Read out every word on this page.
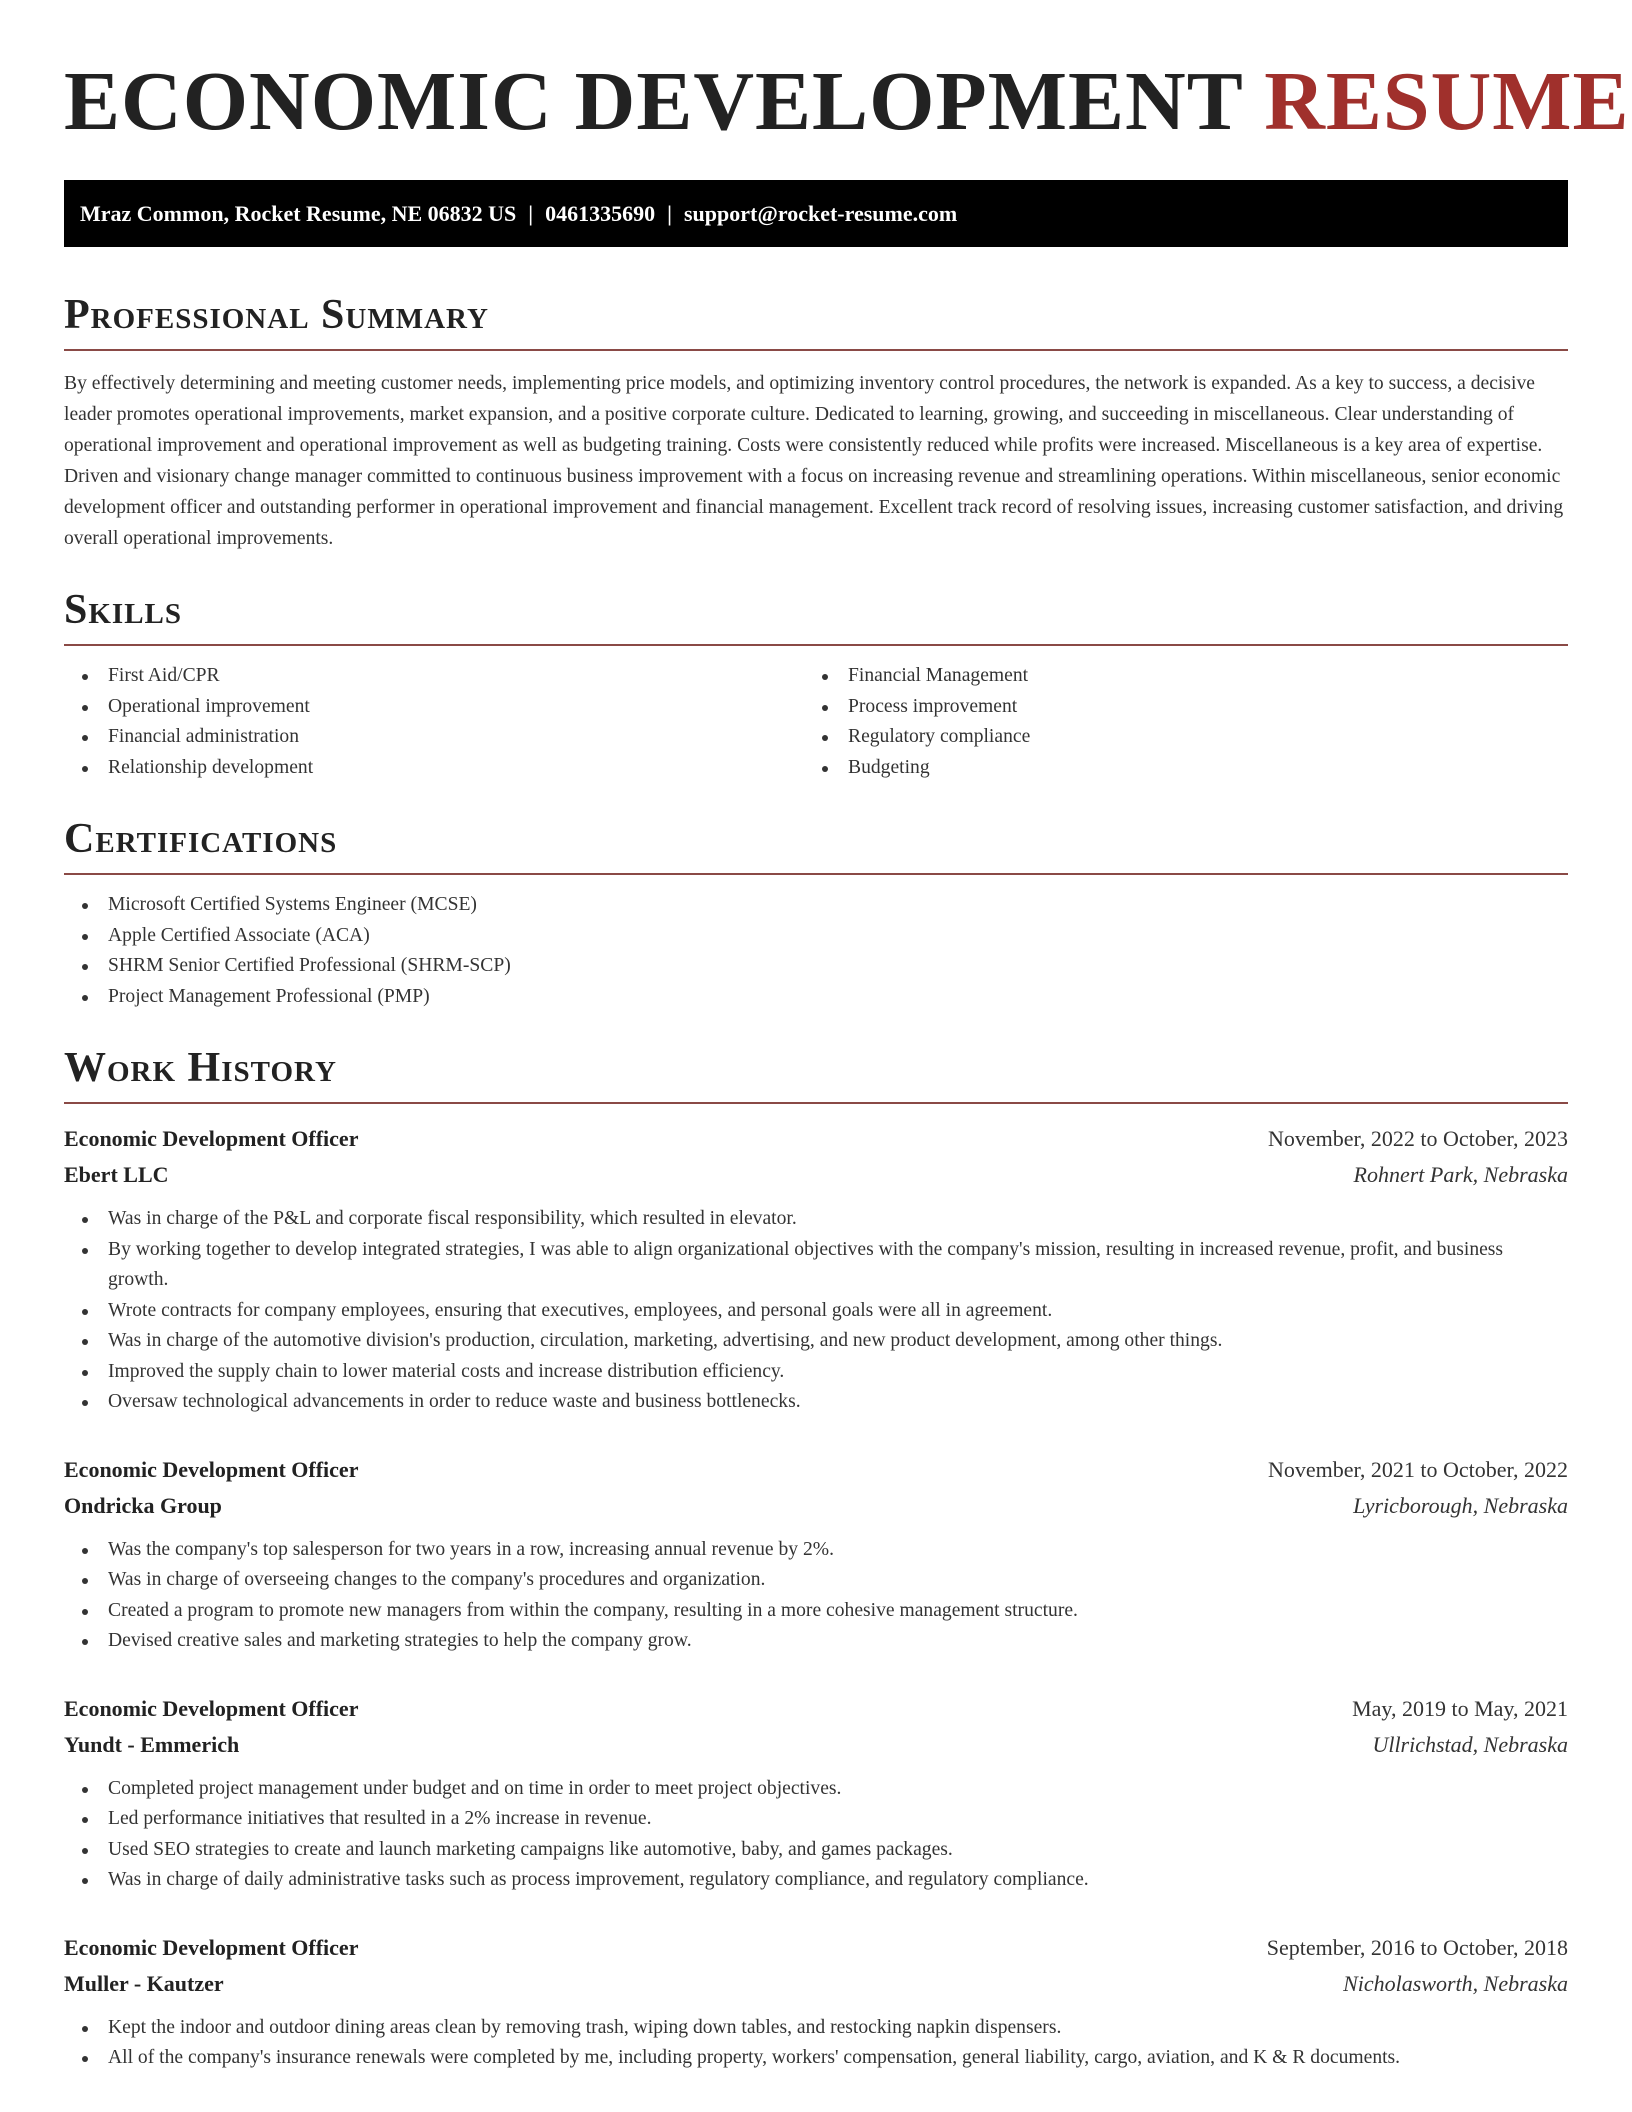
ECONOMIC DEVELOPMENT RESUME
Mraz Common, Rocket Resume, NE 06832 US | 0461335690 | support@rocket-resume.com
Professional Summary

By effectively determining and meeting customer needs, implementing price models, and optimizing inventory control procedures, the network is expanded. As a key to success, a decisive leader promotes operational improvements, market expansion, and a positive corporate culture. Dedicated to learning, growing, and succeeding in miscellaneous. Clear understanding of operational improvement and operational improvement as well as budgeting training. Costs were consistently reduced while profits were increased. Miscellaneous is a key area of expertise. Driven and visionary change manager committed to continuous business improvement with a focus on increasing revenue and streamlining operations. Within miscellaneous, senior economic development officer and outstanding performer in operational improvement and financial management. Excellent track record of resolving issues, increasing customer satisfaction, and driving overall operational improvements.

Skills
First Aid/CPR
Operational improvement
Financial administration
Relationship development
Financial Management
Process improvement
Regulatory compliance
Budgeting
Certifications
Microsoft Certified Systems Engineer (MCSE)
Apple Certified Associate (ACA)
SHRM Senior Certified Professional (SHRM-SCP)
Project Management Professional (PMP)
Work History
Economic Development Officer	November, 2022 to October, 2023
Ebert LLC	Rohnert Park, Nebraska
Was in charge of the P&L and corporate fiscal responsibility, which resulted in elevator.
By working together to develop integrated strategies, I was able to align organizational objectives with the company's mission, resulting in increased revenue, profit, and business growth.
Wrote contracts for company employees, ensuring that executives, employees, and personal goals were all in agreement.
Was in charge of the automotive division's production, circulation, marketing, advertising, and new product development, among other things.
Improved the supply chain to lower material costs and increase distribution efficiency.
Oversaw technological advancements in order to reduce waste and business bottlenecks.
Economic Development Officer	November, 2021 to October, 2022
Ondricka Group	Lyricborough, Nebraska
Was the company's top salesperson for two years in a row, increasing annual revenue by 2%.
Was in charge of overseeing changes to the company's procedures and organization.
Created a program to promote new managers from within the company, resulting in a more cohesive management structure.
Devised creative sales and marketing strategies to help the company grow.
Economic Development Officer	May, 2019 to May, 2021
Yundt - Emmerich	Ullrichstad, Nebraska
Completed project management under budget and on time in order to meet project objectives.
Led performance initiatives that resulted in a 2% increase in revenue.
Used SEO strategies to create and launch marketing campaigns like automotive, baby, and games packages.
Was in charge of daily administrative tasks such as process improvement, regulatory compliance, and regulatory compliance.
Economic Development Officer	September, 2016 to October, 2018
Muller - Kautzer	Nicholasworth, Nebraska
Kept the indoor and outdoor dining areas clean by removing trash, wiping down tables, and restocking napkin dispensers.
All of the company's insurance renewals were completed by me, including property, workers' compensation, general liability, cargo, aviation, and K & R documents.
